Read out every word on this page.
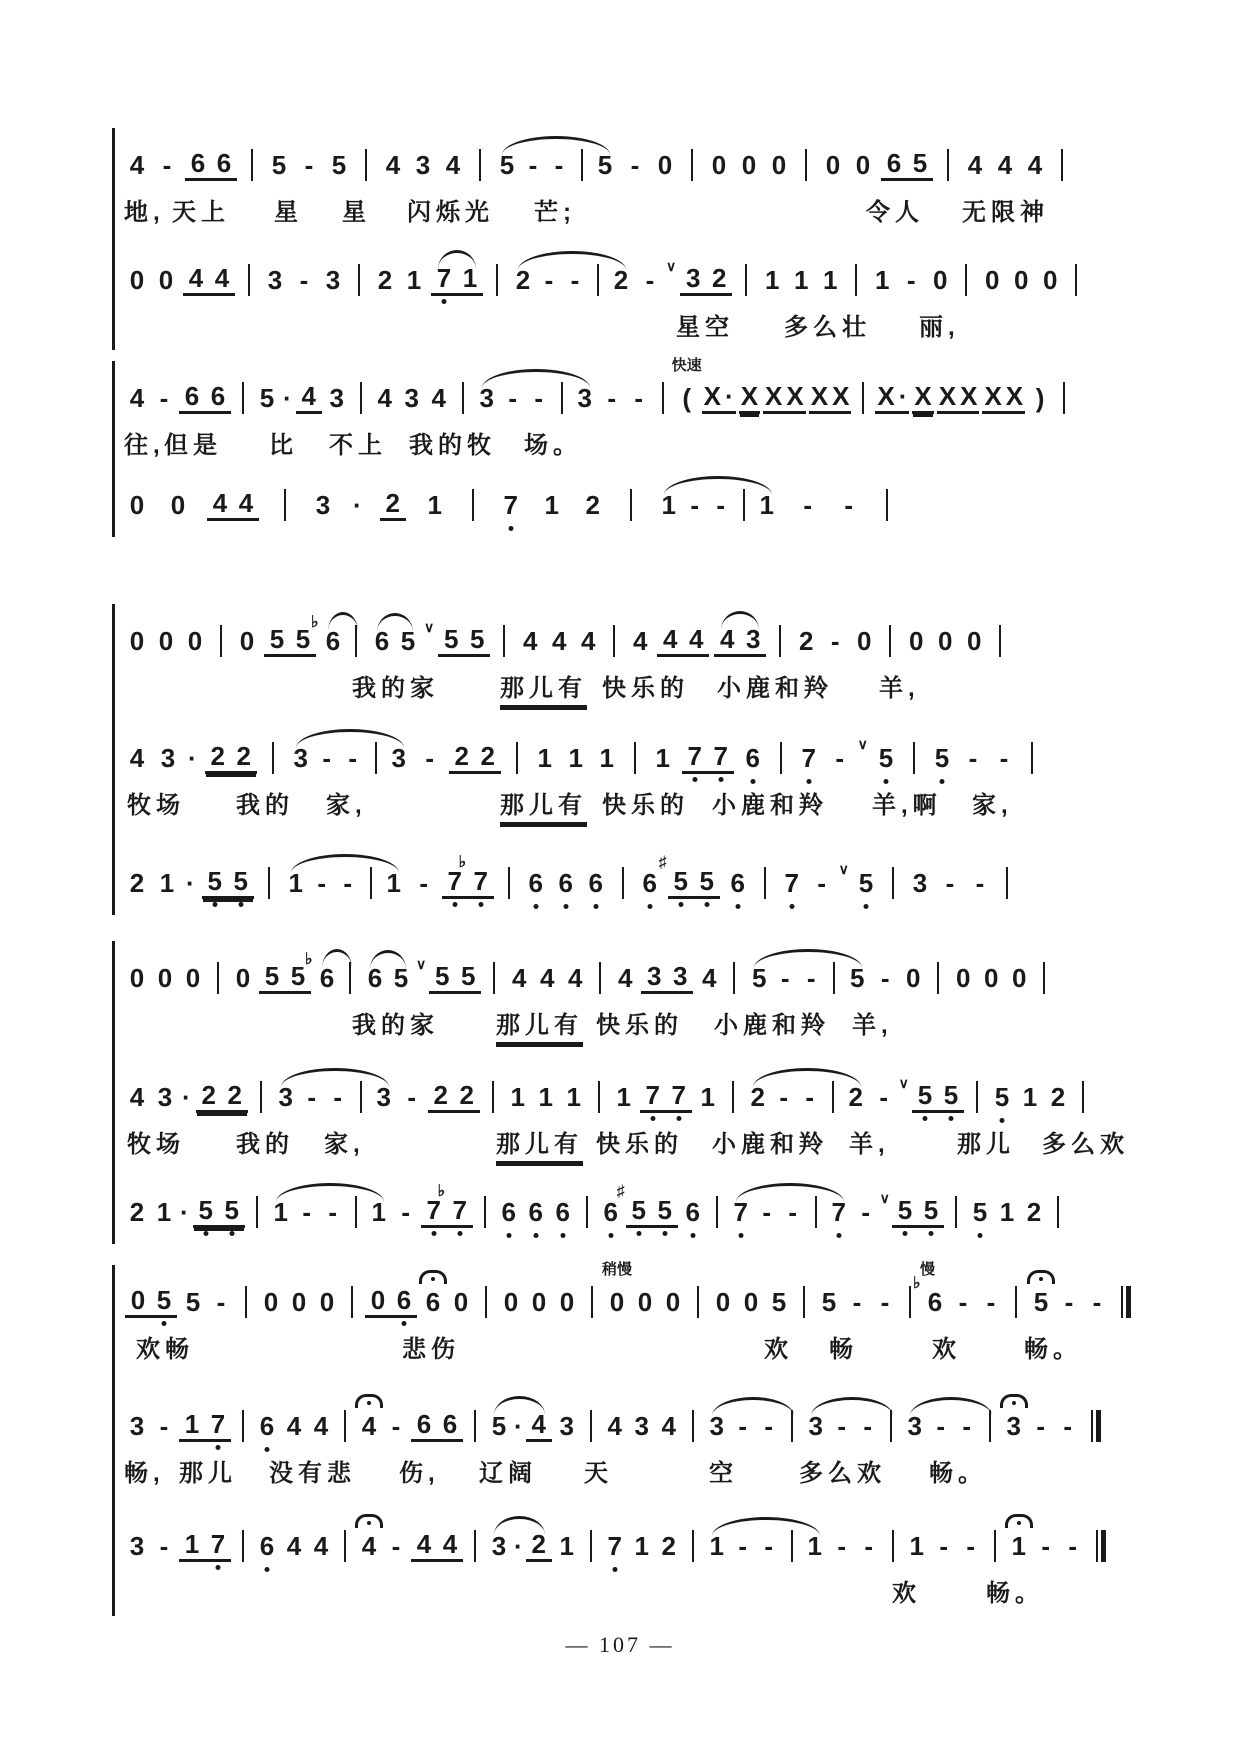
4 - 6 6 5 - 5 4 3 4 5 - -	5 - 0 0 0 0 0 0 6 5 4 4 4
地, 天上 星 星 闪烁光 芒;	令人 无限神
0 0 4 4 3 - 3 2 1 7 1 2 - -	2 - ∨ 3 2 1 1 1 1 - 0 0 0 0
星空 多么壮 丽,
4 - 6 6 5 · 4 3 4 3 4 3 - -	3 - -	(
快速
X · X X X X X X · X X X X X )
往, 但是 比 不上 我的牧 场。
0 0 4 4 3 · 2 1 7 1 2 1 - -	1	-	-
0 0 0 0 5 5 6
♭
6 5 ∨ 5 5 4 4 4 4 4 4 4 3 2 - 0 0 0 0
我的家	那儿有 快乐的 小鹿和羚 羊,
4 3 · 2 2 3 - -	3 - 2 2 1 1 1 1 7 7 6 7 - ∨ 5 5 - -
牧场 我的 家,	那儿有 快乐的 小鹿和羚 羊,啊 家,
2 1 · 5 5 1 - -	1 - 7 7
♭
6 6 6 6 5
♯
5 6 7 - ∨ 5 3 - -
0 0 0 0 5 5 6
♭
6 5 ∨ 5 5 4 4 4 4 3 3 4 5 - -	5 - 0 0 0 0
我的家 那儿有 快乐的 小鹿和羚 羊,
4 3 · 2 2 3 - -	3 - 2 2 1 1 1 1 7 7 1 2 - -	2 - ∨ 5 5 5 1 2
牧场 我的 家,	那儿有 快乐的 小鹿和羚 羊,	那儿 多么欢
2 1 · 5 5 1 - -	1 - 7 7
♭
6 6 6 6 5
♯
5 6 7 - -	7 - ∨ 5 5 5 1 2
0 5 5 -	0 0 0 0 6 6 0 0 0 0 0
稍慢
0 0 0 0 5 5 - -	6
♭
慢
- -	5 - -
欢畅	悲伤	欢 畅	欢	畅。
3 - 1 7 6 4 4 4 - 6 6 5 · 4 3 4 3 4 3 - -	3 - -	3 - -	3 - -
畅, 那儿 没有悲 伤, 辽阔 天	空	多么欢 畅。
3 - 1 7 6 4 4 4 - 4 4 3 · 2 1 7 1 2 1 - -	1 - -	1 - -	1 - -
欢	畅。
— 107 —
